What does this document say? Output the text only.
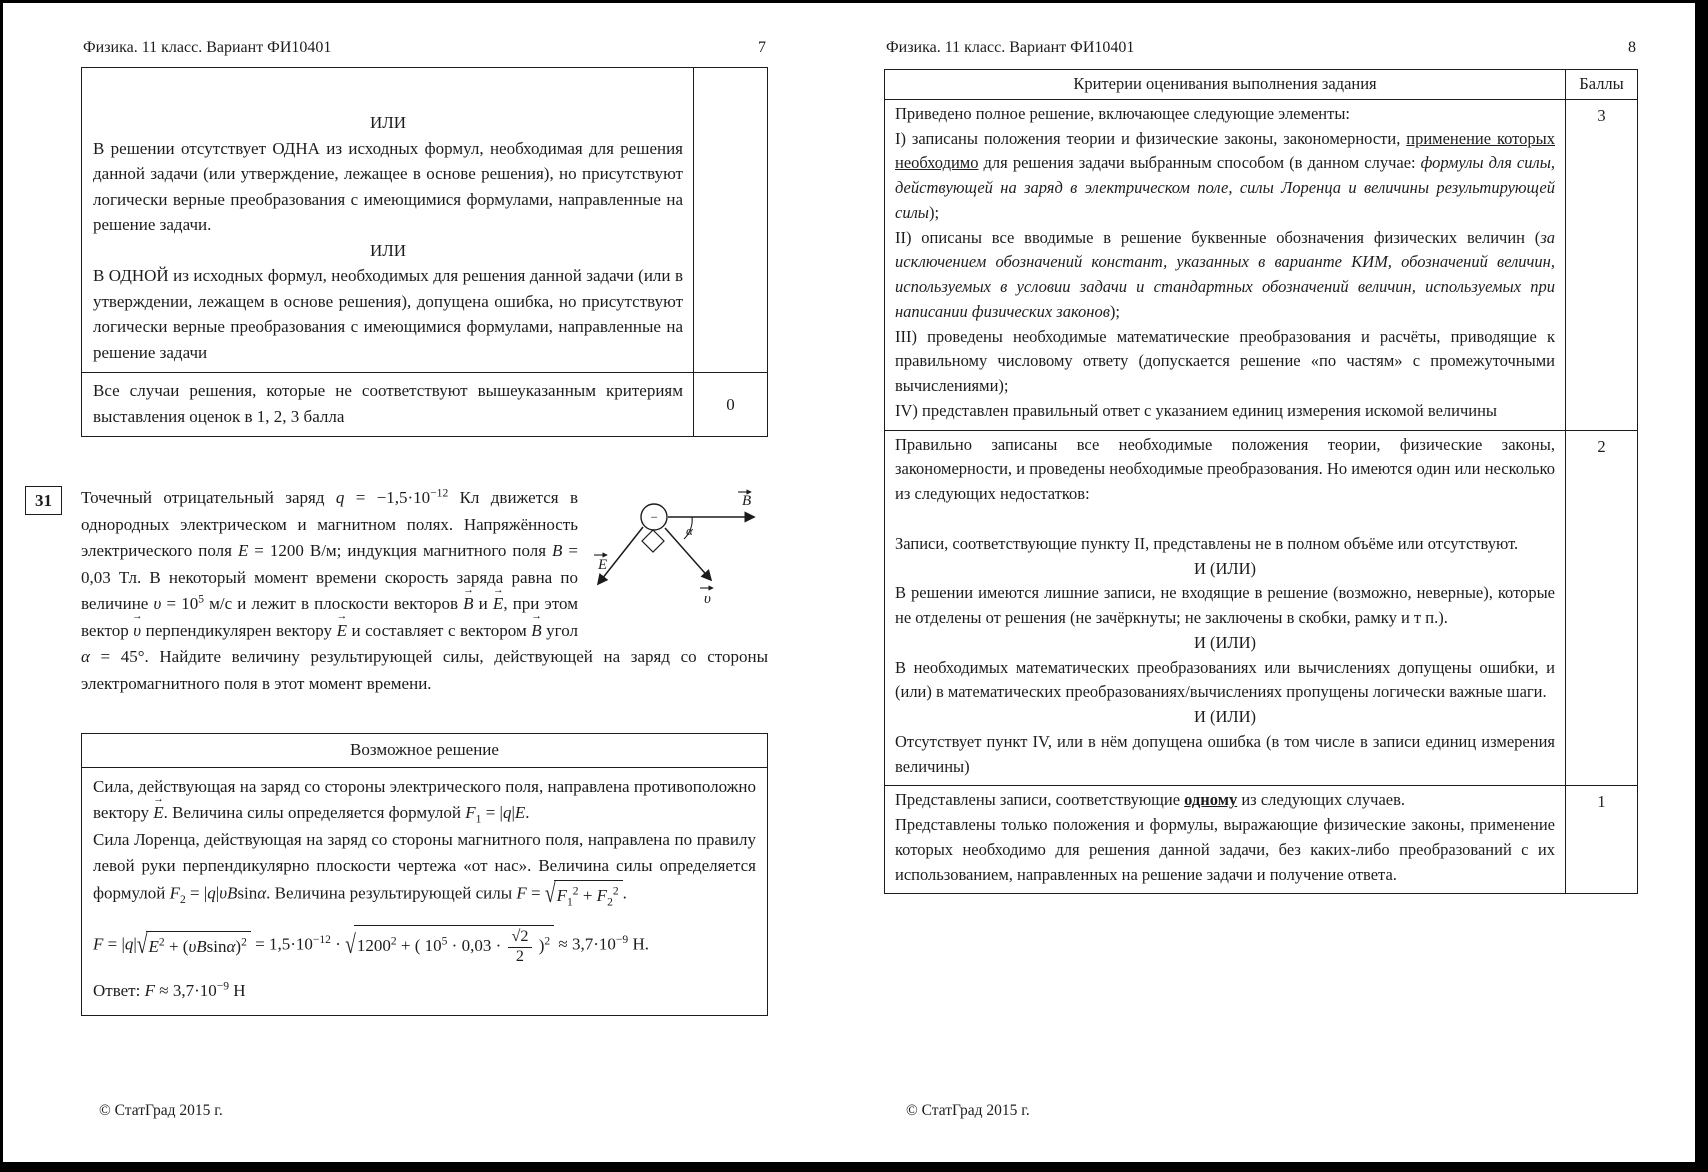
Физика. 11 класс. Вариант ФИ10401	7

ИЛИ

В решении отсутствует ОДНА из исходных формул, необходимая для решения данной задачи (или утверждение, лежащее в основе решения), но присутствуют логически верные преобразования с имеющимися формулами, направленные на решение задачи.

ИЛИ

В ОДНОЙ из исходных формул, необходимых для решения данной задачи (или в утверждении, лежащем в основе решения), допущена ошибка, но присутствуют логически верные преобразования с имеющимися формулами, направленные на решение задачи	

Все случаи решения, которые не соответствуют вышеуказанным критериям выставления оценок в 1, 2, 3 балла	0
31
−
B
E
υ
α
Точечный отрицательный заряд $q = -1,5\cdot 10^{-12}$ Кл движется в однородных электрическом и магнитном полях. Напряжённость электрического поля E = 1200 В/м; индукция магнитного поля B = 0,03 Тл. В некоторый момент времени скорость заряда равна по величине $\upsilon = 10^5$ м/с и лежит в плоскости векторов B → и E →, при этом вектор υ → перпендикулярен вектору E → и составляет с вектором B → угол α = 45°. Найдите величину результирующей силы, действующей на заряд со стороны электромагнитного поля в этот момент времени.
Возможное решение

Сила, действующая на заряд со стороны электрического поля, направлена противоположно вектору E →. Величина силы определяется формулой $F_1 = |q|E$.

Сила Лоренца, действующая на заряд со стороны магнитного поля, направлена по правилу левой руки перпендикулярно плоскости чертежа «от нас». Величина силы определяется формулой $F_2 = |q|\upsilon Bsin\alpha$. Величина результирующей силы F = √ $F_1^2 + F_2^2$ .

F = |q| √ $E^2 + (\upsilon Bsin\alpha)^2 = 1,5\cdot 10^{-12}$ · √ $1200^2$ + ( $10^5 \cdot 0,03 \cdot \frac{√2}{2} )^2 \approx 3,7\cdot 10^{-9}$ Н.

Ответ: $F \approx 3,7\cdot 10^{-9}$ Н

© СтатГрад 2015 г.
Физика. 11 класс. Вариант ФИ10401	8
Критерии оценивания выполнения задания	Баллы

Приведено полное решение, включающее следующие элементы:

I) записаны положения теории и физические законы, закономерности, применение которых необходимо для решения задачи выбранным способом (в данном случае: формулы для силы, действующей на заряд в электрическом поле, силы Лоренца и величины результирующей силы);

II) описаны все вводимые в решение буквенные обозначения физических величин (за исключением обозначений констант, указанных в варианте КИМ, обозначений величин, используемых в условии задачи и стандартных обозначений величин, используемых при написании физических законов);

III) проведены необходимые математические преобразования и расчёты, приводящие к правильному числовому ответу (допускается решение «по частям» с промежуточными вычислениями);

IV) представлен правильный ответ с указанием единиц измерения искомой величины	3

Правильно записаны все необходимые положения теории, физические законы, закономерности, и проведены необходимые преобразования. Но имеются один или несколько из следующих недостатков:

Записи, соответствующие пункту II, представлены не в полном объёме или отсутствуют.

И (ИЛИ)

В решении имеются лишние записи, не входящие в решение (возможно, неверные), которые не отделены от решения (не зачёркнуты; не заключены в скобки, рамку и т п.).

И (ИЛИ)

В необходимых математических преобразованиях или вычислениях допущены ошибки, и (или) в математических преобразованиях/вычислениях пропущены логически важные шаги.

И (ИЛИ)

Отсутствует пункт IV, или в нём допущена ошибка (в том числе в записи единиц измерения величины)

	2

Представлены записи, соответствующие одному из следующих случаев.

Представлены только положения и формулы, выражающие физические законы, применение которых необходимо для решения данной задачи, без каких-либо преобразований с их использованием, направленных на решение задачи и получение ответа.	1
© СтатГрад 2015 г.
